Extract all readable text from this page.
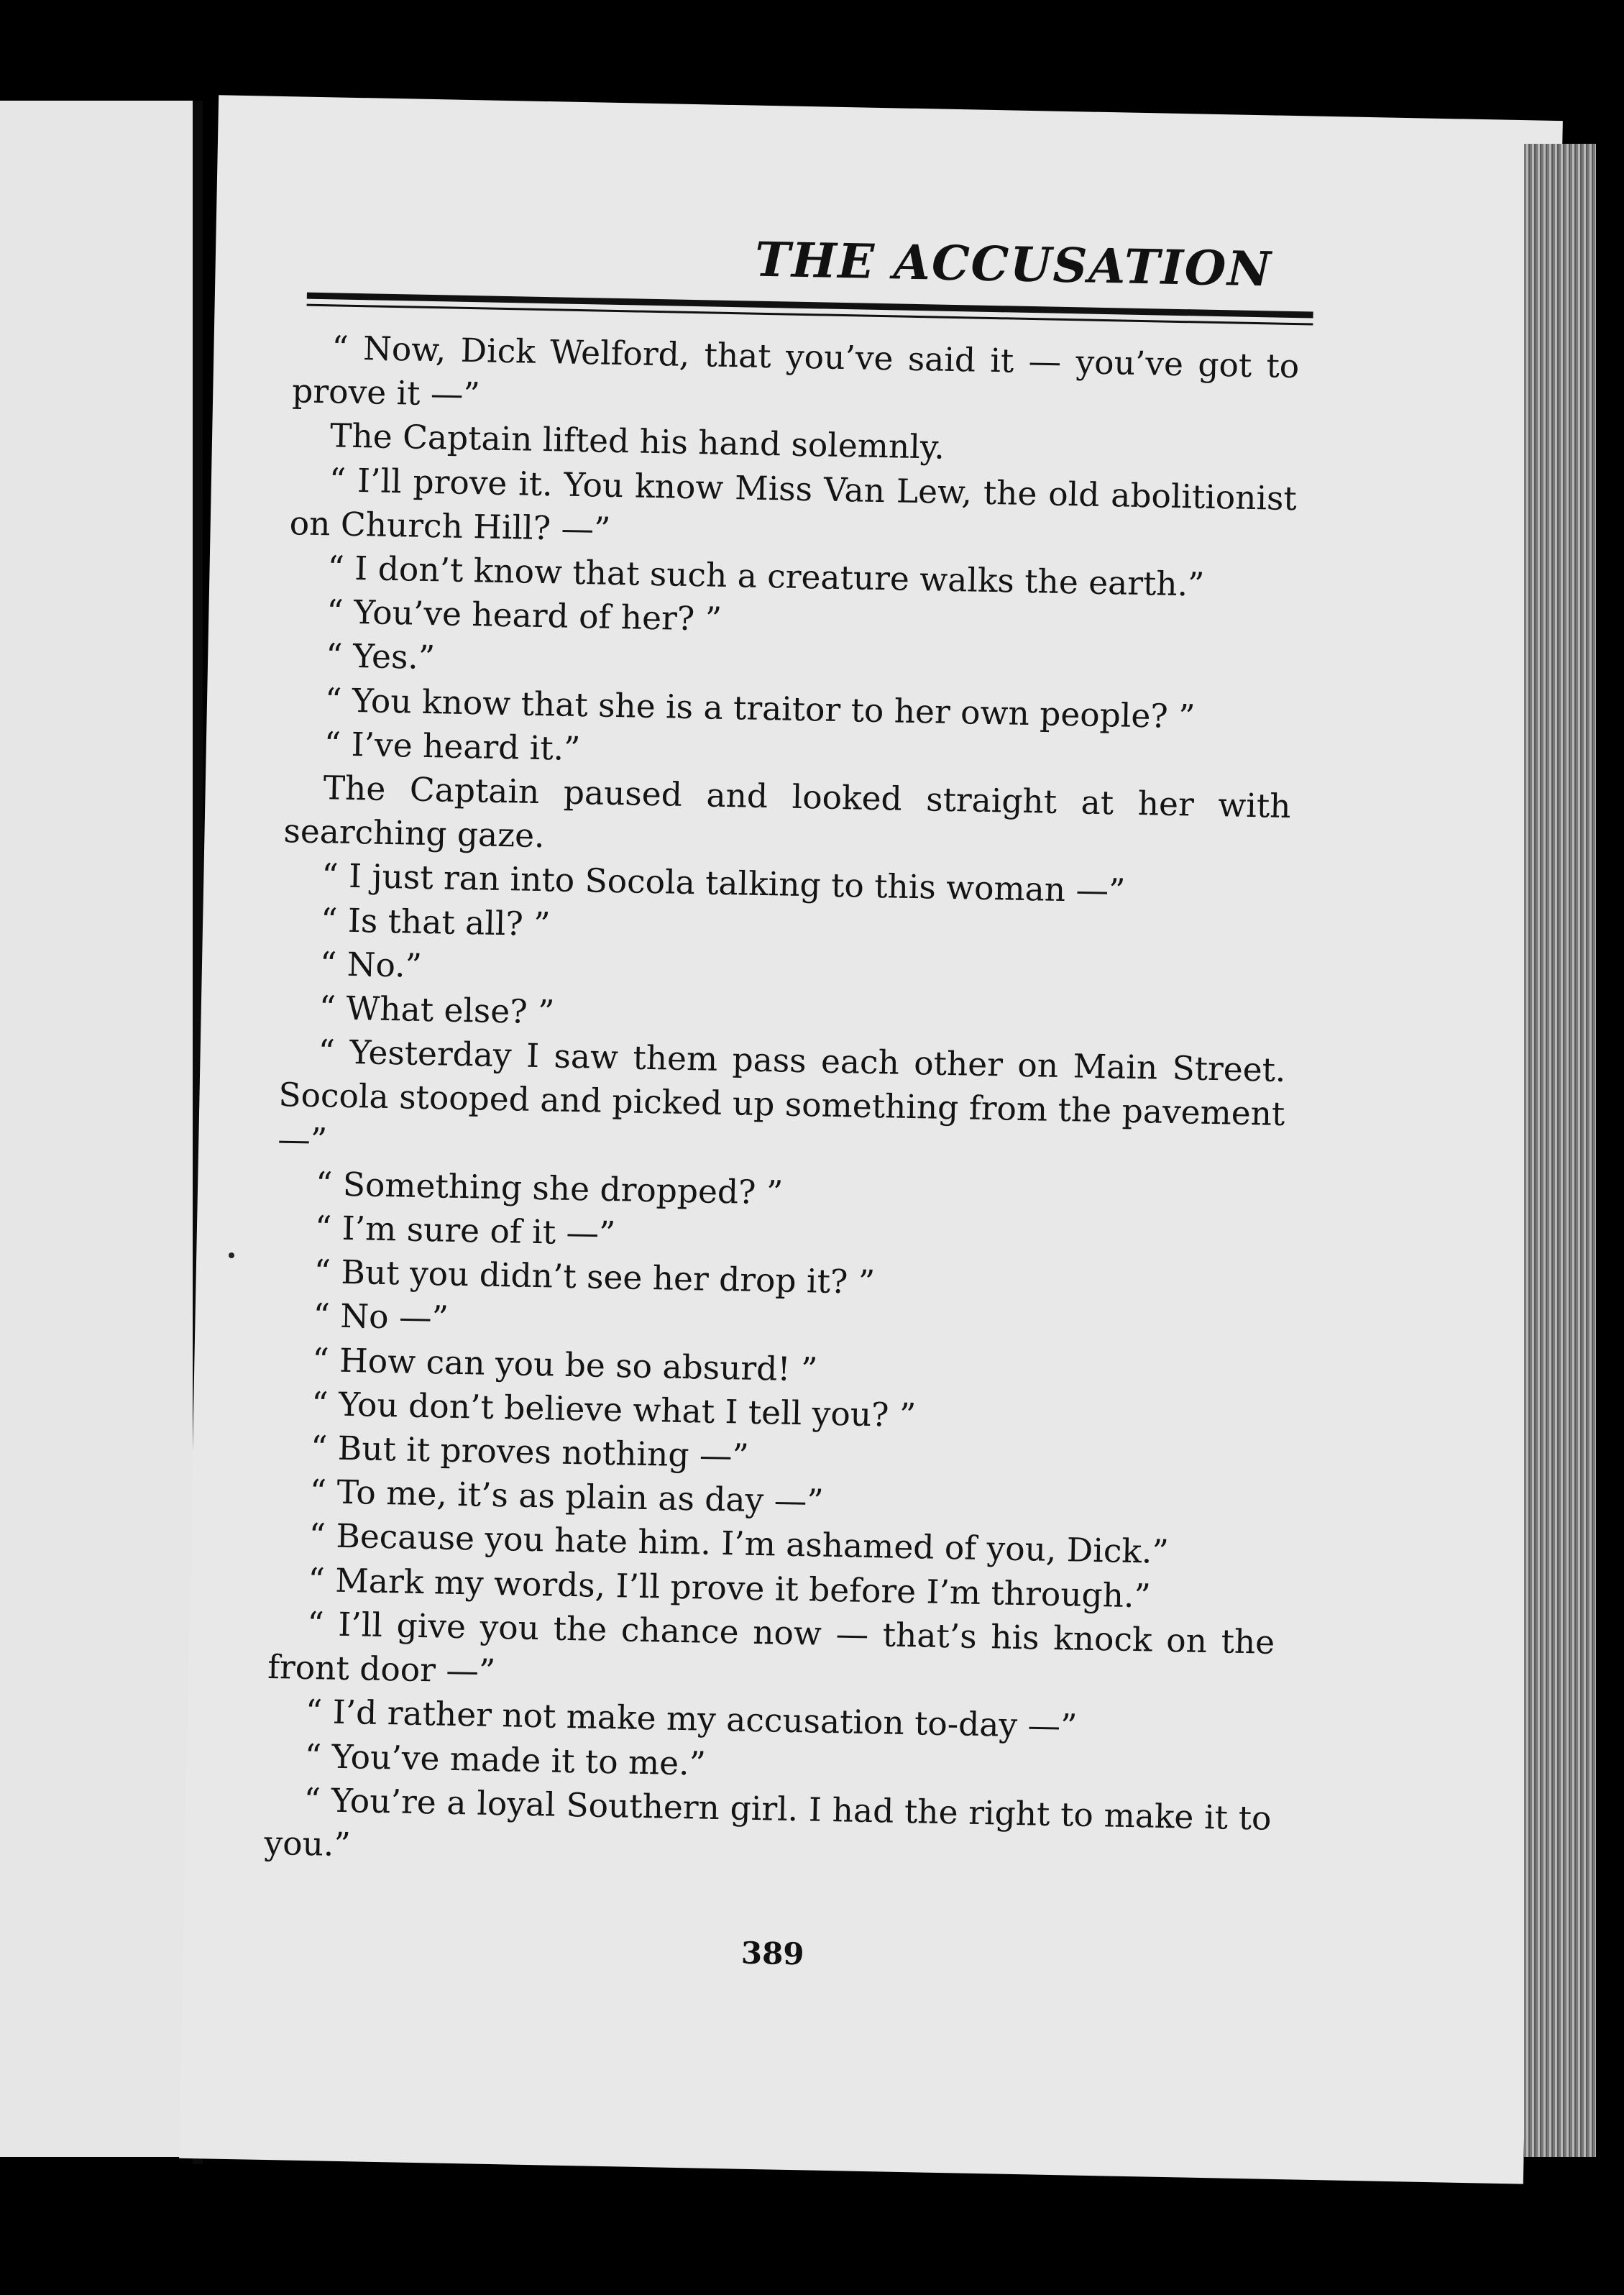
THE ACCUSATION

“ Now, Dick Welford, that you’ve said it — you’ve got to prove it —”

The Captain lifted his hand solemnly.

“ I’ll prove it. You know Miss Van Lew, the old abolitionist on Church Hill? —”

“ I don’t know that such a creature walks the earth.”

“ You’ve heard of her? ”

“ Yes.”

“ You know that she is a traitor to her own people? ”

“ I’ve heard it.”

The Captain paused and looked straight at her with searching gaze.

“ I just ran into Socola talking to this woman —”

“ Is that all? ”

“ No.”

“ What else? ”

“ Yesterday I saw them pass each other on Main Street. Socola stooped and picked up something from the pavement —”

“ Something she dropped? ”

“ I’m sure of it —”

“ But you didn’t see her drop it? ”

“ No —”

“ How can you be so absurd! ”

“ You don’t believe what I tell you? ”

“ But it proves nothing —”

“ To me, it’s as plain as day —”

“ Because you hate him. I’m ashamed of you, Dick.”

“ Mark my words, I’ll prove it before I’m through.”

“ I’ll give you the chance now — that’s his knock on the front door —”

“ I’d rather not make my accusation to-day —”

“ You’ve made it to me.”

“ You’re a loyal Southern girl. I had the right to make it to you.”

389
